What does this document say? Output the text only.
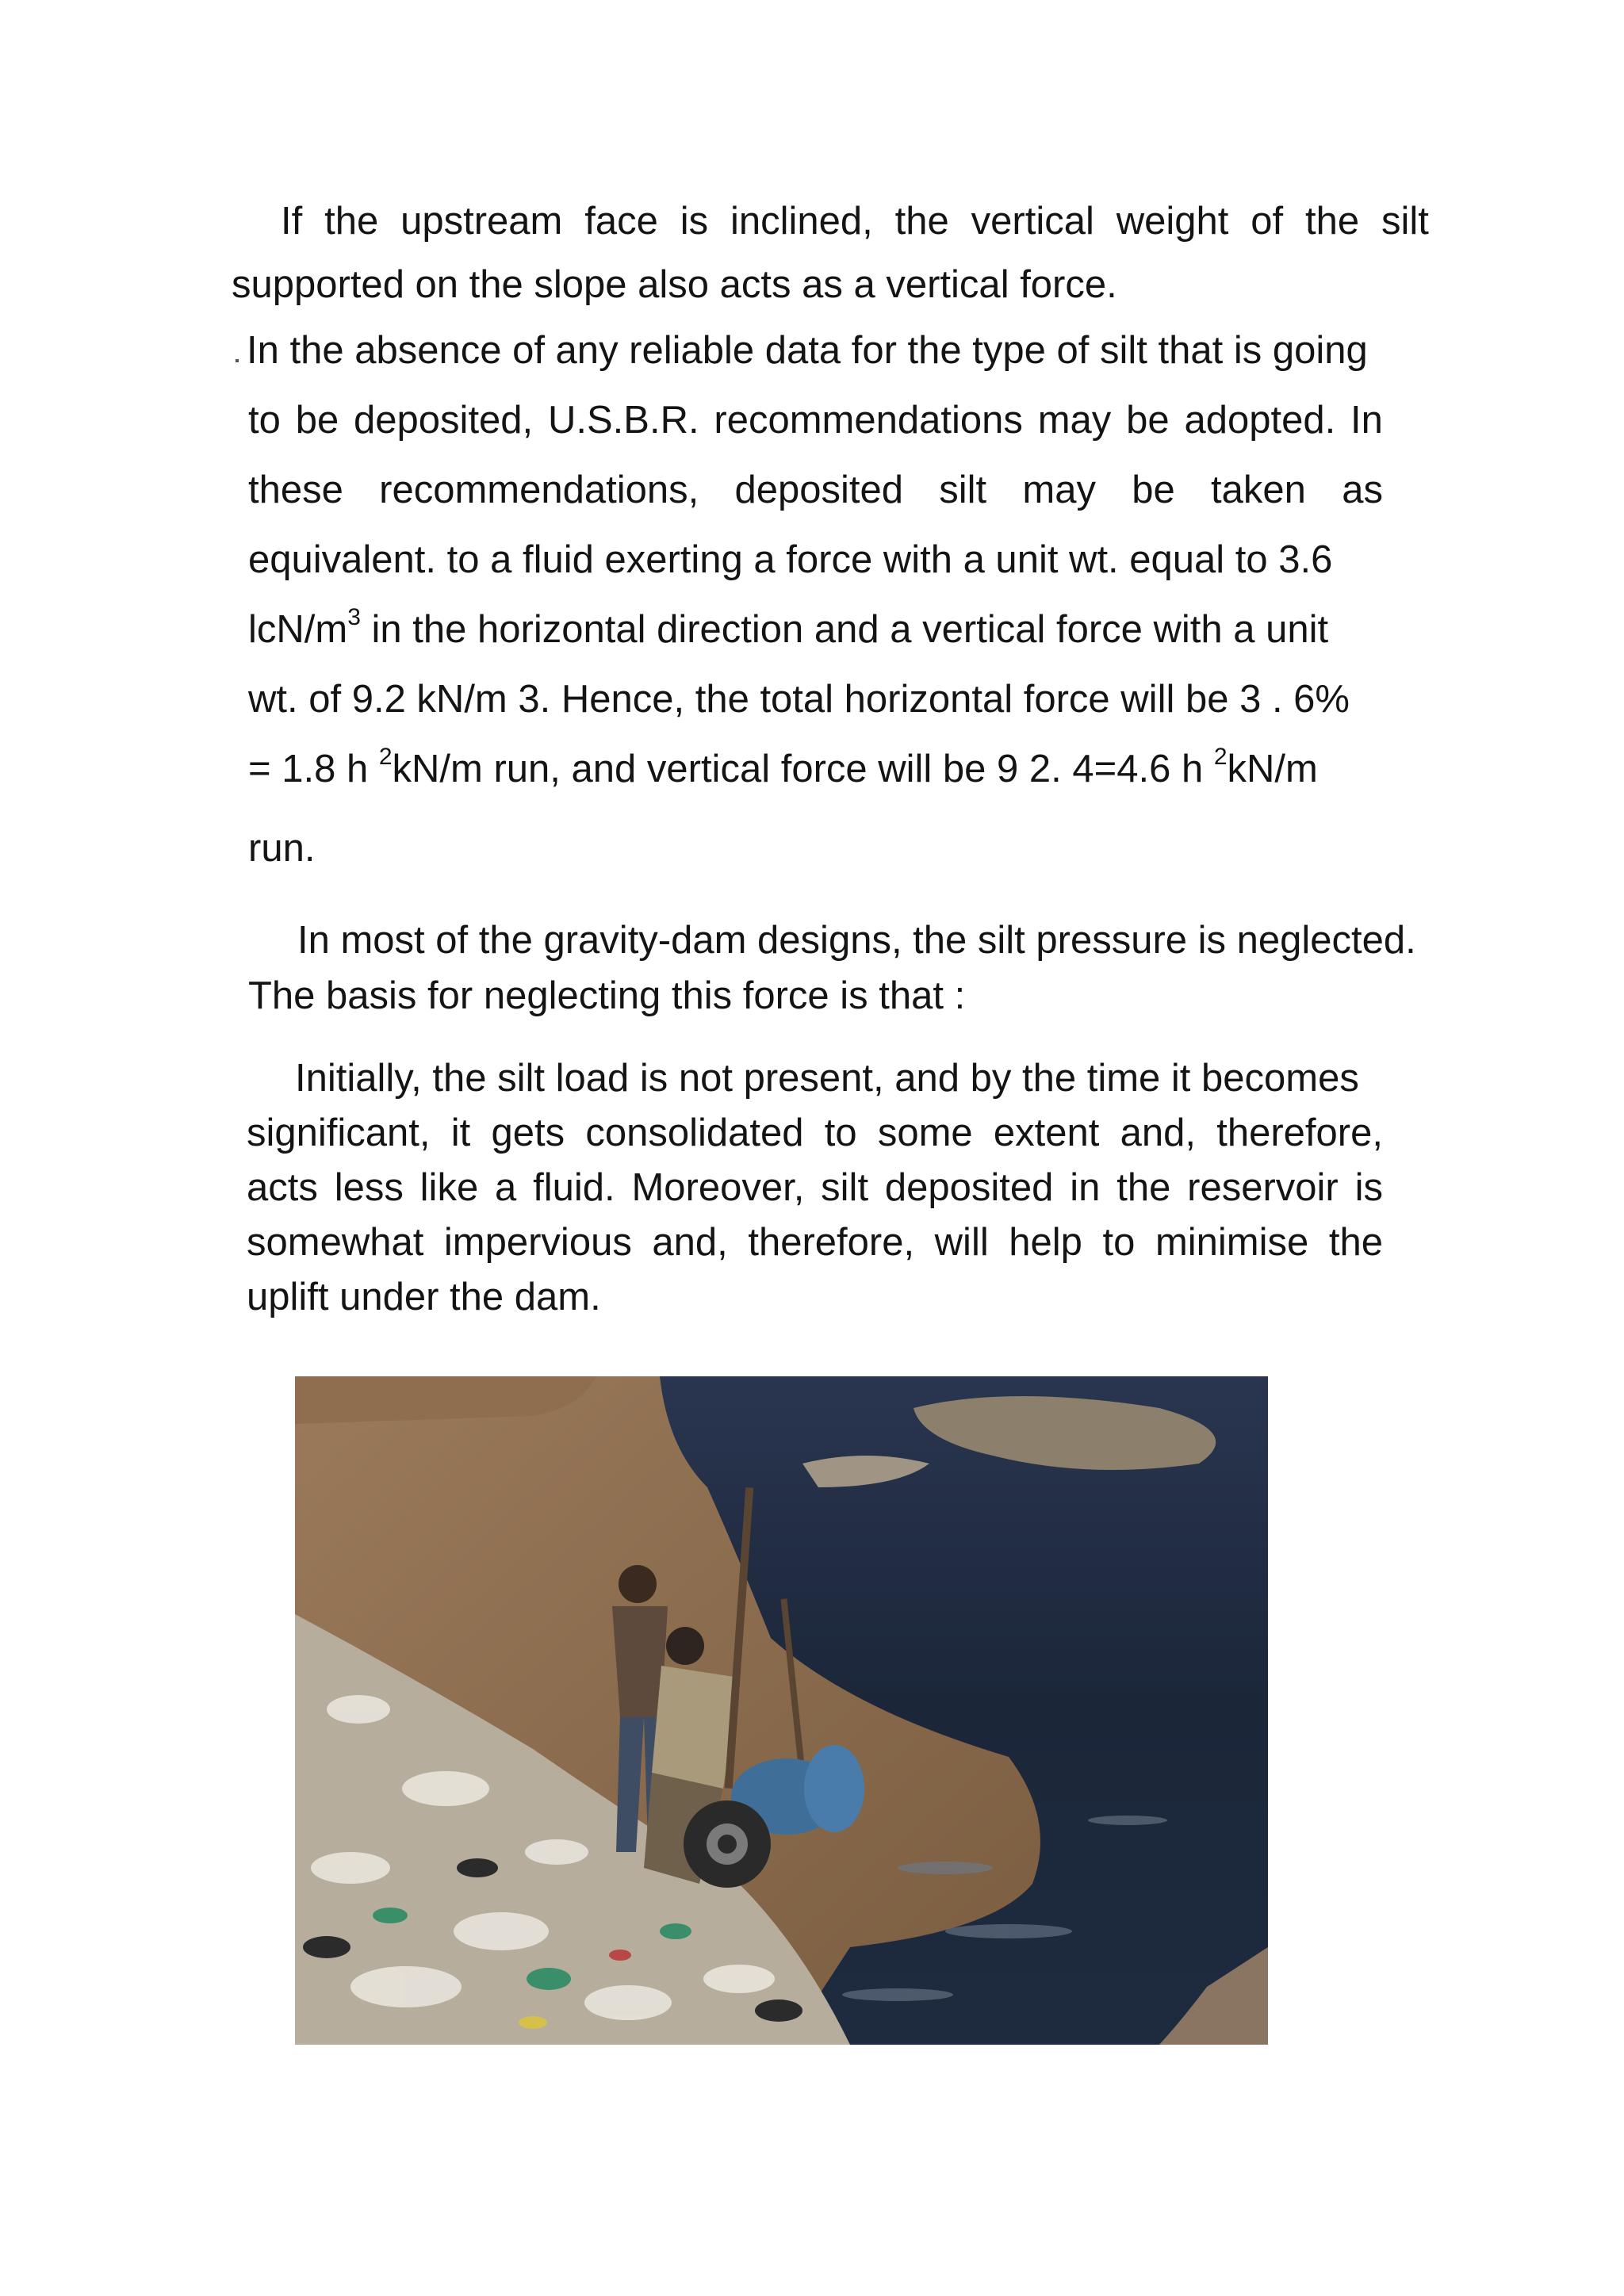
If the upstream face is inclined, the vertical weight of the silt
supported on the slope also acts as a vertical force.
In the absence of any reliable data for the type of silt that is going
to be deposited, U.S.B.R. recommendations may be adopted. In
these recommendations, deposited silt may be taken as
equivalent. to a fluid exerting a force with a unit wt. equal to 3.6
lcN/$m^3$ in the horizontal direction and a vertical force with a unit
wt. of 9.2 kN/m 3. Hence, the total horizontal force will be 3 . 6%
= 1.8 h $^2$kN/m run, and vertical force will be 9 2. 4=4.6 h $^2$kN/m
run.
In most of the gravity-dam designs, the silt pressure is neglected.
The basis for neglecting this force is that :
Initially, the silt load is not present, and by the time it becomes
significant, it gets consolidated to some extent and, therefore,
acts less like a fluid. Moreover, silt deposited in the reservoir is
somewhat impervious and, therefore, will help to minimise the
uplift under the dam.
